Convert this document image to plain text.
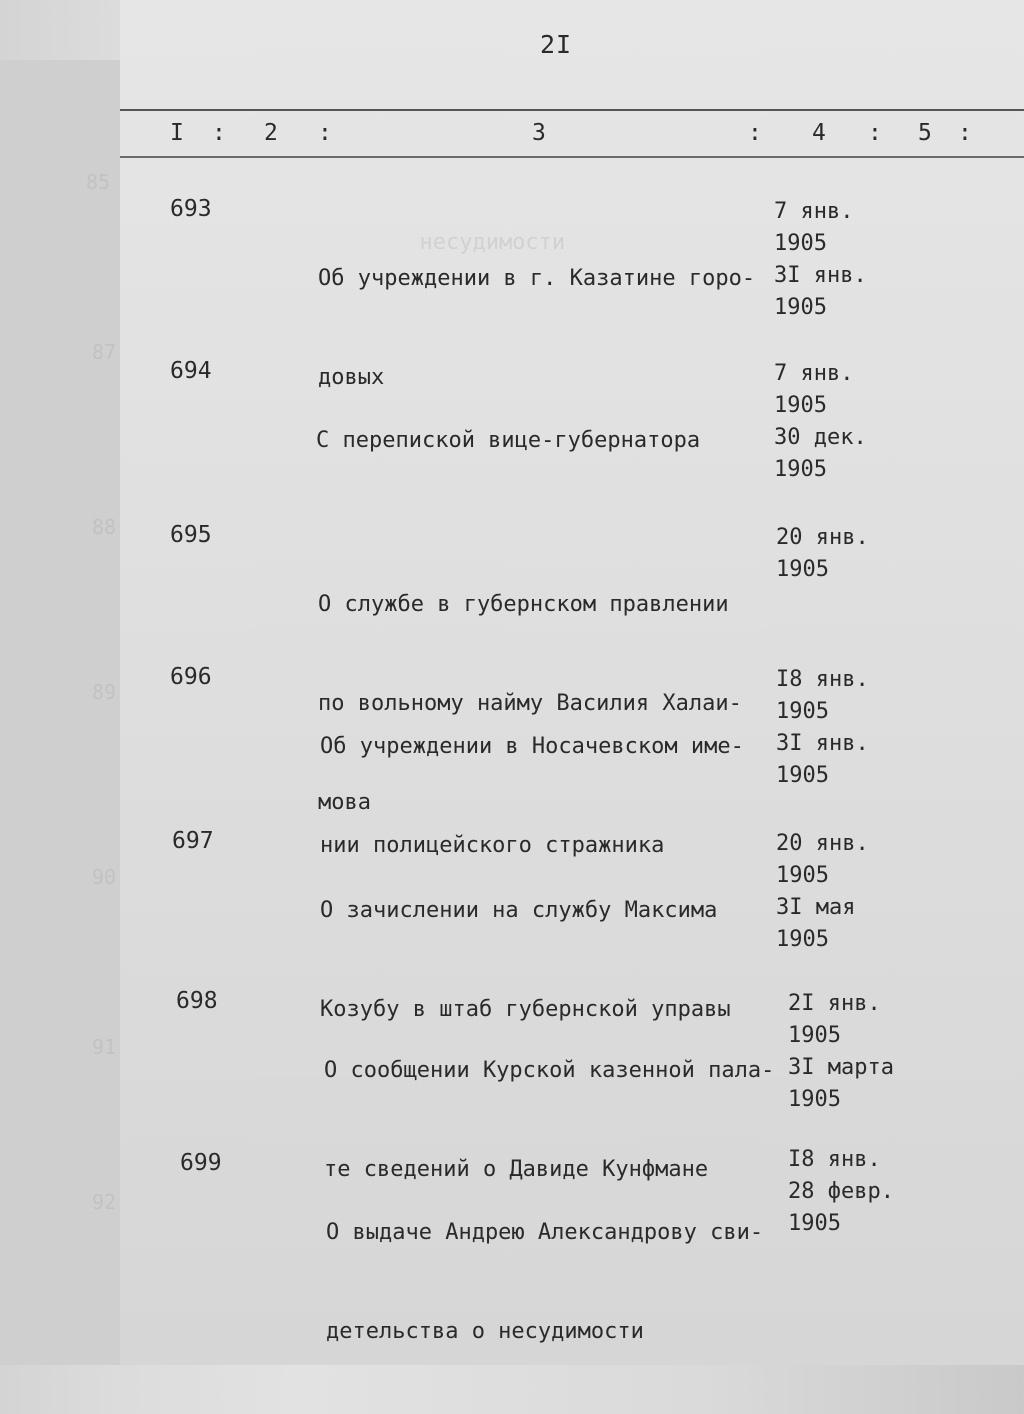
несудимости

85
87
88
89
90
91
92
2I
I : 2 :	3	: 4 : 5 :
693

Об учреждении в г. Казатине горо-

довых

7 янв.
1905
3I янв.
1905
694

С перепиской вице-губернатора

7 янв.
1905
30 дек.
1905
695

О службе в губернском правлении

по вольному найму Василия Халаи-

мова

20 янв.
1905
696

Об учреждении в Носачевском име-

нии полицейского стражника

I8 янв.
1905
3I янв.
1905
697

О зачислении на службу Максима

Козубу в штаб губернской управы

20 янв.
1905
3I мая
1905
698

О сообщении Курской казенной пала-

те сведений о Давиде Кунфмане

2I янв.
1905
3I марта
1905
699

О выдаче Андрею Александрову сви-

детельства о несудимости

I8 янв.
28 февр.
1905
